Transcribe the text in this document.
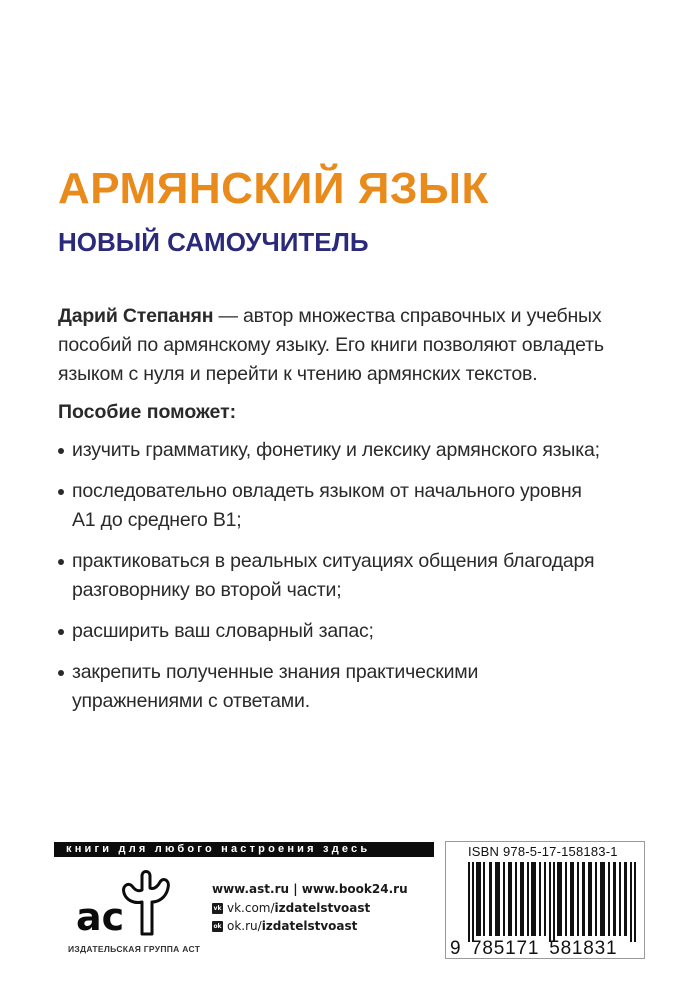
АРМЯНСКИЙ ЯЗЫК
НОВЫЙ САМОУЧИТЕЛЬ
Дарий Степанян — автор множества справочных и учебных
пособий по армянскому языку. Его книги позволяют овладеть
языком с нуля и перейти к чтению армянских текстов.
Пособие поможет:
изучить грамматику, фонетику и лексику армянского языка;
последовательно овладеть языком от начального уровня
А1 до среднего В1;
практиковаться в реальных ситуациях общения благодаря
разговорнику во второй части;
расширить ваш словарный запас;
закрепить полученные знания практическими
упражнениями с ответами.
книги для любого настроения здесь
ac
ИЗДАТЕЛЬСКАЯ ГРУППА АСТ
www.ast.ru | www.book24.ru
vk vk.com/ izdatelstvoast
ok ok.ru/ izdatelstvoast
ISBN 978-5-17-158183-1
9 785171 581831
